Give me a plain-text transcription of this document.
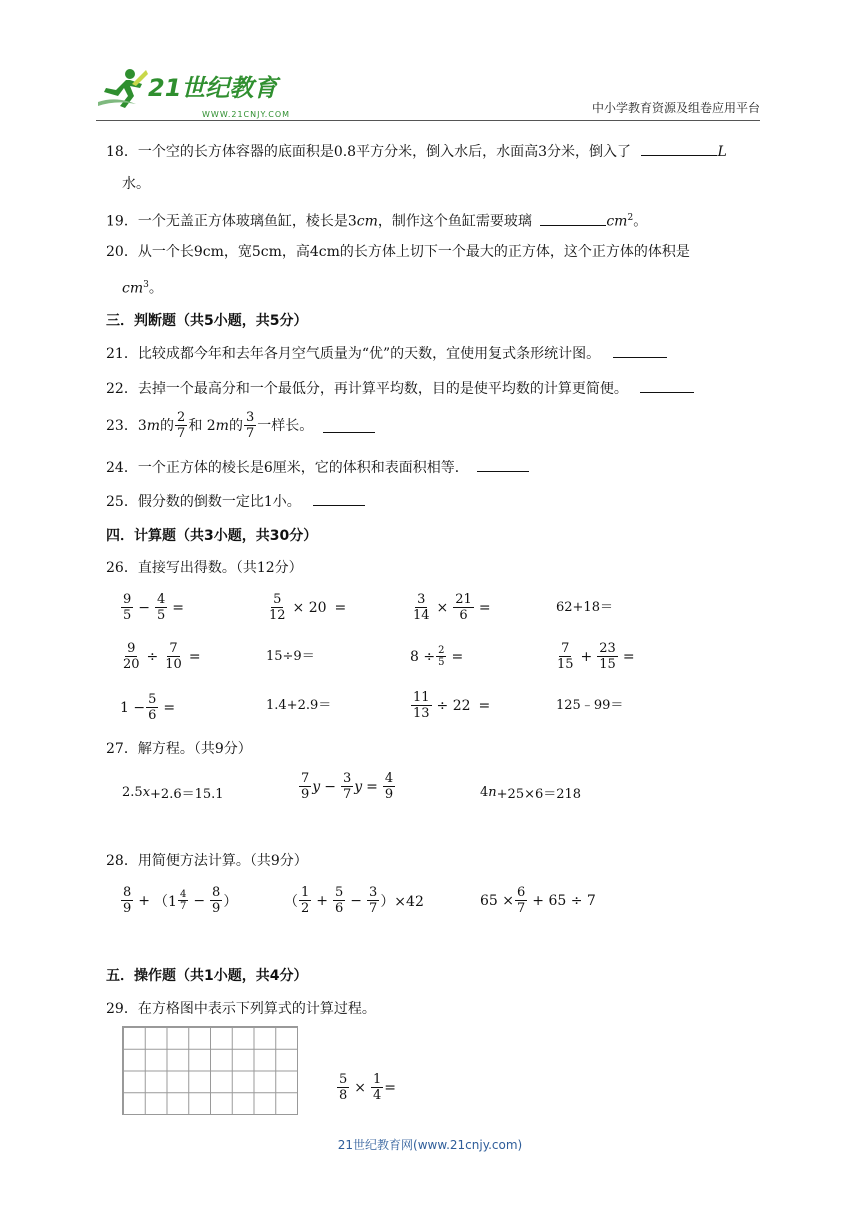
21世纪教育
WWW.21CNJY.COM	中小学教育资源及组卷应用平台
18．一个空的长方体容器的底面积是0.8平方分米，倒入水后，水面高3分米，倒入了	L
水。
19．一个无盖正方体玻璃鱼缸，棱长是3cm，制作这个鱼缸需要玻璃	$cm^2$。
20．从一个长9cm，宽5cm，高4cm的长方体上切下一个最大的正方体，这个正方体的体积是
$cm^3$。
三．判断题（共5小题，共5分）
21．比较成都今年和去年各月空气质量为“优”的天数，宜使用复式条形统计图。
22．去掉一个最高分和一个最低分，再计算平均数，目的是使平均数的计算更简便。
23． 3 m 的 $\frac{2}{7}$ 和 2 m 的 $\frac{3}{7}$ 一样长。
24．一个正方体的棱长是6厘米，它的体积和表面积相等．
25．假分数的倒数一定比1小。
四．计算题（共3小题，共30分）
26．直接写出得数。（共12分）
$\frac{9}{5} - \frac{4}{5}$ =	$\frac{5}{12} \times 20$ =	$\frac{3}{14} \times \frac{21}{6}$ =	62+18＝
$\frac{9}{20} \div \frac{7}{10}$ =	15÷9＝	$8 \div \frac{2}{5}$ =	$\frac{7}{15} + \frac{23}{15}$ =
$1 - \frac{5}{6}$ =	1.4+2.9＝	$\frac{11}{13} \div 22$ =	125﹣99＝
27．解方程。（共9分）
2.5 x +2.6＝15.1	$\frac{7}{9}$ $y - \frac{3}{7}$ $y = \frac{4}{9}$	4 n +25×6＝218
28．用简便方法计算。（共9分）
$\frac{8}{9} + (1 \frac{4}{7} - \frac{8}{9}$ ）	（ $\frac{1}{2} + \frac{5}{6} - \frac{3}{7} )\times 42$	$65 \times \frac{6}{7} + 65 \div 7$
五．操作题（共1小题，共4分）
29．在方格图中表示下列算式的计算过程。
$\frac{5}{8} \times \frac{1}{4}$ =
21世纪教育网(www.21cnjy.com)
